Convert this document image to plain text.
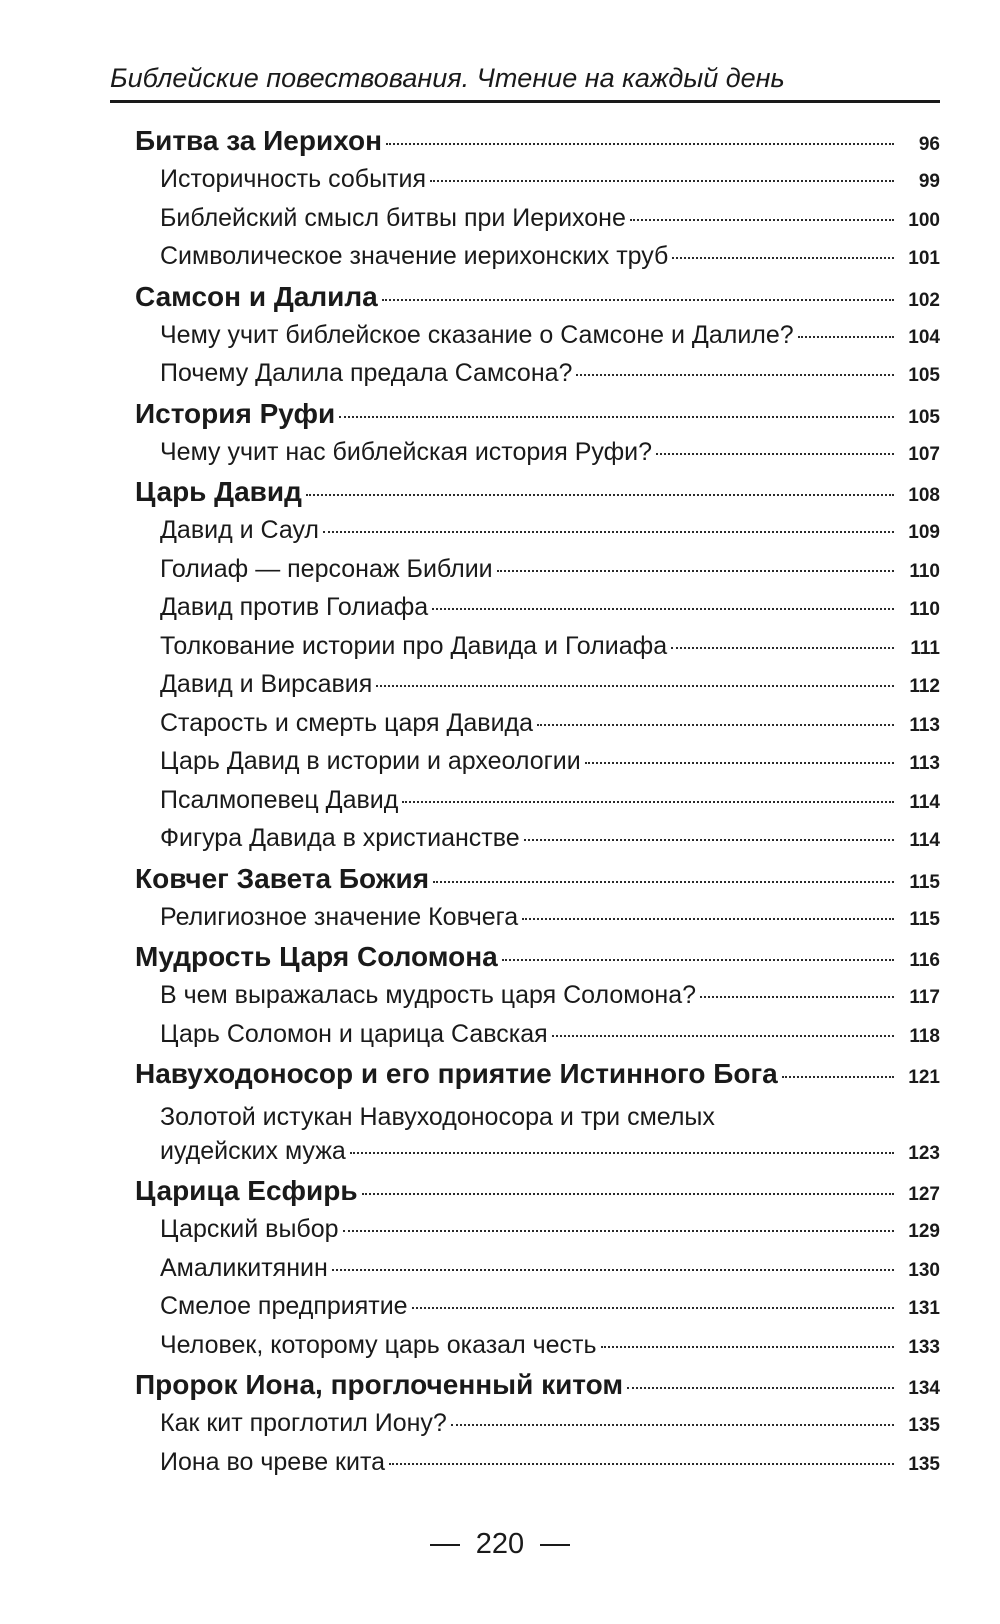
Библейские повествования. Чтение на каждый день
Битва за Иерихон	96
Историчность события	99
Библейский смысл битвы при Иерихоне	100
Символическое значение иерихонских труб	101
Самсон и Далила	102
Чему учит библейское сказание о Самсоне и Далиле?	104
Почему Далила предала Самсона?	105
История Руфи	105
Чему учит нас библейская история Руфи?	107
Царь Давид	108
Давид и Саул	109
Голиаф — персонаж Библии	110
Давид против Голиафа	110
Толкование истории про Давида и Голиафа	111
Давид и Вирсавия	112
Старость и смерть царя Давида	113
Царь Давид в истории и археологии	113
Псалмопевец Давид	114
Фигура Давида в христианстве	114
Ковчег Завета Божия	115
Религиозное значение Ковчега	115
Мудрость Царя Соломона	116
В чем выражалась мудрость царя Соломона?	117
Царь Соломон и царица Савская	118
Навуходоносор и его приятие Истинного Бога	121
Золотой истукан Навуходоносора и три смелых
иудейских мужа	123
Царица Есфирь	127
Царский выбор	129
Амаликитянин	130
Смелое предприятие	131
Человек, которому царь оказал честь	133
Пророк Иона, проглоченный китом	134
Как кит проглотил Иону?	135
Иона во чреве кита	135
220
